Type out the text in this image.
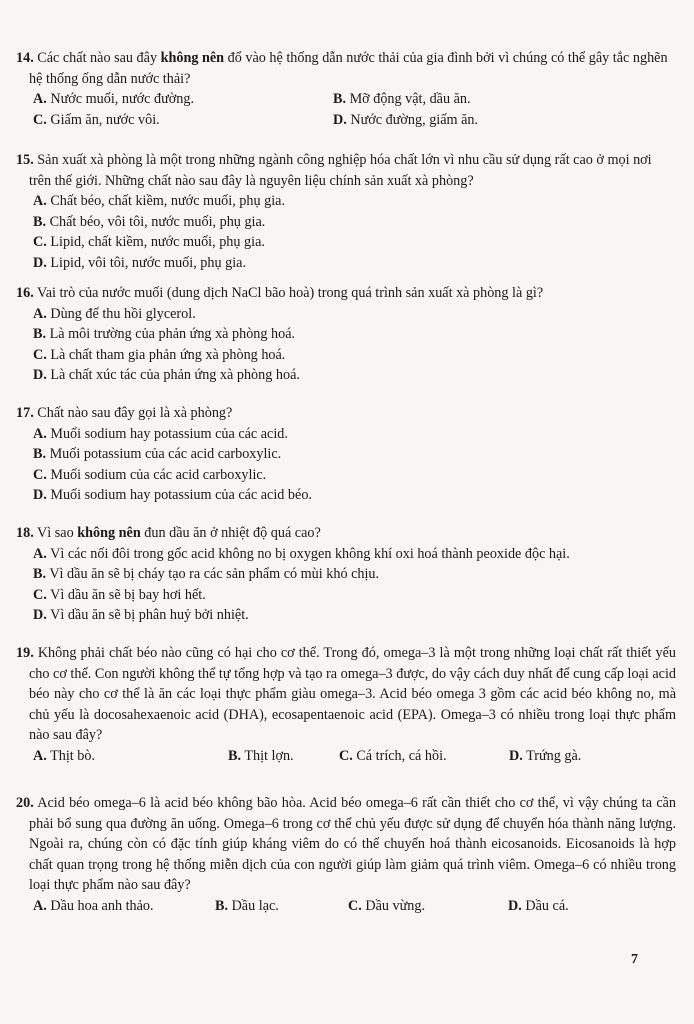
14. Các chất nào sau đây không nên đổ vào hệ thống dẫn nước thải của gia đình bởi vì chúng có thể gây tắc nghẽn hệ thống ống dẫn nước thải?

A. Nước muối, nước đường.	B. Mỡ động vật, dầu ăn.

C. Giấm ăn, nước vôi.	D. Nước đường, giấm ăn.

15. Sản xuất xà phòng là một trong những ngành công nghiệp hóa chất lớn vì nhu cầu sử dụng rất cao ở mọi nơi trên thế giới. Những chất nào sau đây là nguyên liệu chính sản xuất xà phòng?

A. Chất béo, chất kiềm, nước muối, phụ gia.

B. Chất béo, vôi tôi, nước muối, phụ gia.

C. Lipid, chất kiềm, nước muối, phụ gia.

D. Lipid, vôi tôi, nước muối, phụ gia.

16. Vai trò của nước muối (dung dịch NaCl bão hoà) trong quá trình sản xuất xà phòng là gì?

A. Dùng để thu hồi glycerol.

B. Là môi trường của phản ứng xà phòng hoá.

C. Là chất tham gia phản ứng xà phòng hoá.

D. Là chất xúc tác của phản ứng xà phòng hoá.

17. Chất nào sau đây gọi là xà phòng?

A. Muối sodium hay potassium của các acid.

B. Muối potassium của các acid carboxylic.

C. Muối sodium của các acid carboxylic.

D. Muối sodium hay potassium của các acid béo.

18. Vì sao không nên đun dầu ăn ở nhiệt độ quá cao?

A. Vì các nối đôi trong gốc acid không no bị oxygen không khí oxi hoá thành peoxide độc hại.

B. Vì dầu ăn sẽ bị cháy tạo ra các sản phẩm có mùi khó chịu.

C. Vì dầu ăn sẽ bị bay hơi hết.

D. Vì dầu ăn sẽ bị phân huỷ bởi nhiệt.

19. Không phải chất béo nào cũng có hại cho cơ thể. Trong đó, omega–3 là một trong những loại chất rất thiết yếu cho cơ thể. Con người không thể tự tổng hợp và tạo ra omega–3 được, do vậy cách duy nhất để cung cấp loại acid béo này cho cơ thể là ăn các loại thực phẩm giàu omega–3. Acid béo omega 3 gồm các acid béo không no, mà chủ yếu là docosahexaenoic acid (DHA), ecosapentaenoic acid (EPA). Omega–3 có nhiều trong loại thực phẩm nào sau đây?

A. Thịt bò.	B. Thịt lợn.	C. Cá trích, cá hồi.	D. Trứng gà.

20. Acid béo omega–6 là acid béo không bão hòa. Acid béo omega–6 rất cần thiết cho cơ thể, vì vậy chúng ta cần phải bổ sung qua đường ăn uống. Omega–6 trong cơ thể chủ yếu được sử dụng để chuyển hóa thành năng lượng. Ngoài ra, chúng còn có đặc tính giúp kháng viêm do có thể chuyển hoá thành eicosanoids. Eicosanoids là hợp chất quan trọng trong hệ thống miễn dịch của con người giúp làm giảm quá trình viêm. Omega–6 có nhiều trong loại thực phẩm nào sau đây?

A. Dầu hoa anh thảo.	B. Dầu lạc.	C. Dầu vừng.	D. Dầu cá.

7
